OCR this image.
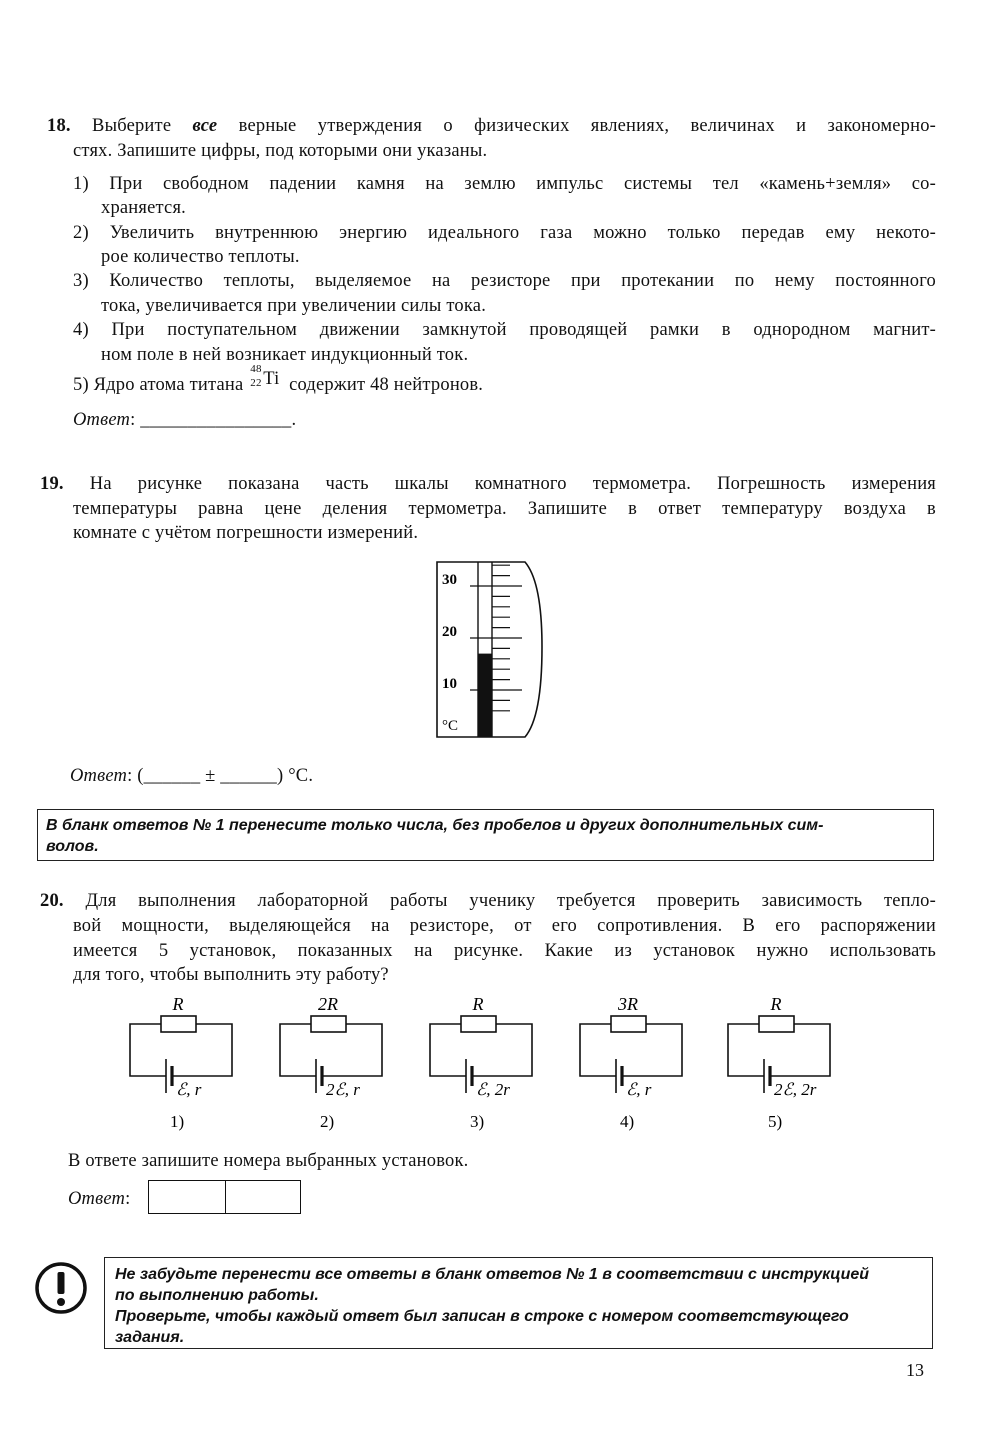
18. Выберите все верные утверждения о физических явлениях, величинах и закономерно-
стях. Запишите цифры, под которыми они указаны.
1) При свободном падении камня на землю импульс системы тел «камень+земля» со-
храняется.
2) Увеличить внутреннюю энергию идеального газа можно только передав ему некото-
рое количество теплоты.
3) Количество теплоты, выделяемое на резисторе при протекании по нему постоянного
тока, увеличивается при увеличении силы тока.
4) При поступательном движении замкнутой проводящей рамки в однородном магнит-
ном поле в ней возникает индукционный ток.
5) Ядро атома титана
48
22 Ti содержит 48 нейтронов.
Ответ: ________________.
19. На рисунке показана часть шкалы комнатного термометра. Погрешность измерения
температуры равна цене деления термометра. Запишите в ответ температуру воздуха в
комнате с учётом погрешности измерений.
30
20
10
°C
Ответ: (______ ± ______) °С.
В бланк ответов № 1 перенесите только числа, без пробелов и других дополнительных сим-
волов.
20. Для выполнения лабораторной работы ученику требуется проверить зависимость тепло-
вой мощности, выделяющейся на резисторе, от его сопротивления. В его распоряжении
имеется 5 установок, показанных на рисунке. Какие из установок нужно использовать
для того, чтобы выполнить эту работу?
R
ℰ, r
1)
2R
2ℰ, r
2)
R
ℰ, 2r
3)
3R
ℰ, r
4)
R
2ℰ, 2r
5)
В ответе запишите номера выбранных установок.
Ответ:
Не забудьте перенести все ответы в бланк ответов № 1 в соответствии с инструкцией
по выполнению работы.
Проверьте, чтобы каждый ответ был записан в строке с номером соответствующего
задания.
13
